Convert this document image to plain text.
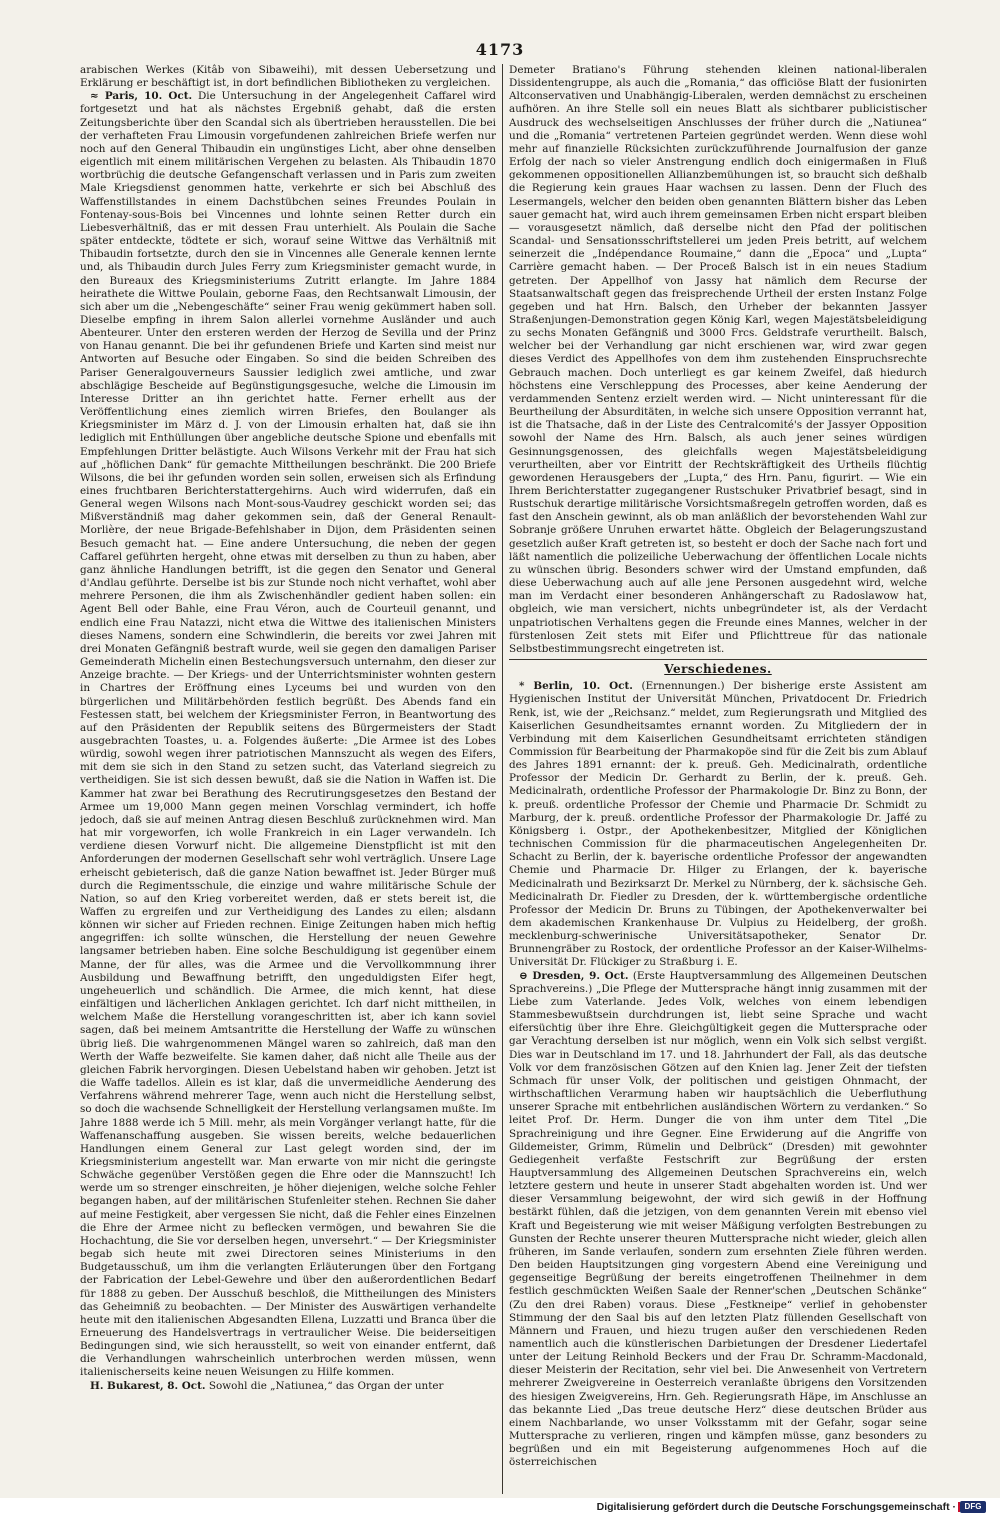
4173

arabischen Werkes (Kitâb von Sibaweihi), mit dessen Uebersetzung und Erklärung er beschäftigt ist, in dort befindlichen Bibliotheken zu vergleichen.

≈ Paris, 10. Oct. Die Untersuchung in der Angelegenheit Caffarel wird fortgesetzt und hat als nächstes Ergebniß gehabt, daß die ersten Zeitungsberichte über den Scandal sich als übertrieben herausstellen. Die bei der verhafteten Frau Limousin vorgefundenen zahlreichen Briefe werfen nur noch auf den General Thibaudin ein ungünstiges Licht, aber ohne denselben eigentlich mit einem militärischen Vergehen zu belasten. Als Thibaudin 1870 wortbrüchig die deutsche Gefangenschaft verlassen und in Paris zum zweiten Male Kriegsdienst genommen hatte, verkehrte er sich bei Abschluß des Waffenstillstandes in einem Dachstübchen seines Freundes Poulain in Fontenay-sous-Bois bei Vincennes und lohnte seinen Retter durch ein Liebesverhältniß, das er mit dessen Frau unterhielt. Als Poulain die Sache später entdeckte, tödtete er sich, worauf seine Wittwe das Verhältniß mit Thibaudin fortsetzte, durch den sie in Vincennes alle Generale kennen lernte und, als Thibaudin durch Jules Ferry zum Kriegsminister gemacht wurde, in den Bureaux des Kriegsministeriums Zutritt erlangte. Im Jahre 1884 heirathete die Wittwe Poulain, geborne Faas, den Rechtsanwalt Limousin, der sich aber um die „Nebengeschäfte“ seiner Frau wenig gekümmert haben soll. Dieselbe empfing in ihrem Salon allerlei vornehme Ausländer und auch Abenteurer. Unter den ersteren werden der Herzog de Sevilla und der Prinz von Hanau genannt. Die bei ihr gefundenen Briefe und Karten sind meist nur Antworten auf Besuche oder Eingaben. So sind die beiden Schreiben des Pariser Generalgouverneurs Saussier lediglich zwei amtliche, und zwar abschlägige Bescheide auf Begünstigungsgesuche, welche die Limousin im Interesse Dritter an ihn gerichtet hatte. Ferner erhellt aus der Veröffentlichung eines ziemlich wirren Briefes, den Boulanger als Kriegsminister im März d. J. von der Limousin erhalten hat, daß sie ihn lediglich mit Enthüllungen über angebliche deutsche Spione und ebenfalls mit Empfehlungen Dritter belästigte. Auch Wilsons Verkehr mit der Frau hat sich auf „höflichen Dank“ für gemachte Mittheilungen beschränkt. Die 200 Briefe Wilsons, die bei ihr gefunden worden sein sollen, erweisen sich als Erfindung eines fruchtbaren Berichterstattergehirns. Auch wird widerrufen, daß ein General wegen Wilsons nach Mont-sous-Vaudrey geschickt worden sei; das Mißverständniß mag daher gekommen sein, daß der General Renault-Morlière, der neue Brigade-Befehlshaber in Dijon, dem Präsidenten seinen Besuch gemacht hat. — Eine andere Untersuchung, die neben der gegen Caffarel geführten hergeht, ohne etwas mit derselben zu thun zu haben, aber ganz ähnliche Handlungen betrifft, ist die gegen den Senator und General d'Andlau geführte. Derselbe ist bis zur Stunde noch nicht verhaftet, wohl aber mehrere Personen, die ihm als Zwischenhändler gedient haben sollen: ein Agent Bell oder Bahle, eine Frau Véron, auch de Courteuil genannt, und endlich eine Frau Natazzi, nicht etwa die Wittwe des italienischen Ministers dieses Namens, sondern eine Schwindlerin, die bereits vor zwei Jahren mit drei Monaten Gefängniß bestraft wurde, weil sie gegen den damaligen Pariser Gemeinderath Michelin einen Bestechungsversuch unternahm, den dieser zur Anzeige brachte. — Der Kriegs- und der Unterrichtsminister wohnten gestern in Chartres der Eröffnung eines Lyceums bei und wurden von den bürgerlichen und Militärbehörden festlich begrüßt. Des Abends fand ein Festessen statt, bei welchem der Kriegsminister Ferron, in Beantwortung des auf den Präsidenten der Republik seitens des Bürgermeisters der Stadt ausgebrachten Toastes, u. a. Folgendes äußerte: „Die Armee ist des Lobes würdig, sowohl wegen ihrer patriotischen Mannszucht als wegen des Eifers, mit dem sie sich in den Stand zu setzen sucht, das Vaterland siegreich zu vertheidigen. Sie ist sich dessen bewußt, daß sie die Nation in Waffen ist. Die Kammer hat zwar bei Berathung des Recrutirungsgesetzes den Bestand der Armee um 19,000 Mann gegen meinen Vorschlag vermindert, ich hoffe jedoch, daß sie auf meinen Antrag diesen Beschluß zurücknehmen wird. Man hat mir vorgeworfen, ich wolle Frankreich in ein Lager verwandeln. Ich verdiene diesen Vorwurf nicht. Die allgemeine Dienstpflicht ist mit den Anforderungen der modernen Gesellschaft sehr wohl verträglich. Unsere Lage erheischt gebieterisch, daß die ganze Nation bewaffnet ist. Jeder Bürger muß durch die Regimentsschule, die einzige und wahre militärische Schule der Nation, so auf den Krieg vorbereitet werden, daß er stets bereit ist, die Waffen zu ergreifen und zur Vertheidigung des Landes zu eilen; alsdann können wir sicher auf Frieden rechnen. Einige Zeitungen haben mich heftig angegriffen: ich sollte wünschen, die Herstellung der neuen Gewehre langsamer betrieben haben. Eine solche Beschuldigung ist gegenüber einem Manne, der für alles, was die Armee und die Vervollkommnung ihrer Ausbildung und Bewaffnung betrifft, den ungeduldigsten Eifer hegt, ungeheuerlich und schändlich. Die Armee, die mich kennt, hat diese einfältigen und lächerlichen Anklagen gerichtet. Ich darf nicht mittheilen, in welchem Maße die Herstellung vorangeschritten ist, aber ich kann soviel sagen, daß bei meinem Amtsantritte die Herstellung der Waffe zu wünschen übrig ließ. Die wahrgenommenen Mängel waren so zahlreich, daß man den Werth der Waffe bezweifelte. Sie kamen daher, daß nicht alle Theile aus der gleichen Fabrik hervorgingen. Diesen Uebelstand haben wir gehoben. Jetzt ist die Waffe tadellos. Allein es ist klar, daß die unvermeidliche Aenderung des Verfahrens während mehrerer Tage, wenn auch nicht die Herstellung selbst, so doch die wachsende Schnelligkeit der Herstellung verlangsamen mußte. Im Jahre 1888 werde ich 5 Mill. mehr, als mein Vorgänger verlangt hatte, für die Waffenanschaffung ausgeben. Sie wissen bereits, welche bedauerlichen Handlungen einem General zur Last gelegt worden sind, der im Kriegsministerium angestellt war. Man erwarte von mir nicht die geringste Schwäche gegenüber Verstößen gegen die Ehre oder die Mannszucht! Ich werde um so strenger einschreiten, je höher diejenigen, welche solche Fehler begangen haben, auf der militärischen Stufenleiter stehen. Rechnen Sie daher auf meine Festigkeit, aber vergessen Sie nicht, daß die Fehler eines Einzelnen die Ehre der Armee nicht zu beflecken vermögen, und bewahren Sie die Hochachtung, die Sie vor derselben hegen, unversehrt.“ — Der Kriegsminister begab sich heute mit zwei Directoren seines Ministeriums in den Budgetausschuß, um ihm die verlangten Erläuterungen über den Fortgang der Fabrication der Lebel-Gewehre und über den außerordentlichen Bedarf für 1888 zu geben. Der Ausschuß beschloß, die Mittheilungen des Ministers das Geheimniß zu beobachten. — Der Minister des Auswärtigen verhandelte heute mit den italienischen Abgesandten Ellena, Luzzatti und Branca über die Erneuerung des Handelsvertrags in vertraulicher Weise. Die beiderseitigen Bedingungen sind, wie sich herausstellt, so weit von einander entfernt, daß die Verhandlungen wahrscheinlich unterbrochen werden müssen, wenn italienischerseits keine neuen Weisungen zu Hilfe kommen.

H. Bukarest, 8. Oct. Sowohl die „Natiunea,“ das Organ der unter

Demeter Bratiano's Führung stehenden kleinen national-liberalen Dissidentengruppe, als auch die „Romania,“ das officiöse Blatt der fusionirten Altconservativen und Unabhängig-Liberalen, werden demnächst zu erscheinen aufhören. An ihre Stelle soll ein neues Blatt als sichtbarer publicistischer Ausdruck des wechselseitigen Anschlusses der früher durch die „Natiunea“ und die „Romania“ vertretenen Parteien gegründet werden. Wenn diese wohl mehr auf finanzielle Rücksichten zurückzuführende Journalfusion der ganze Erfolg der nach so vieler Anstrengung endlich doch einigermaßen in Fluß gekommenen oppositionellen Allianzbemühungen ist, so braucht sich deßhalb die Regierung kein graues Haar wachsen zu lassen. Denn der Fluch des Lesermangels, welcher den beiden oben genannten Blättern bisher das Leben sauer gemacht hat, wird auch ihrem gemeinsamen Erben nicht erspart bleiben — vorausgesetzt nämlich, daß derselbe nicht den Pfad der politischen Scandal- und Sensationsschriftstellerei um jeden Preis betritt, auf welchem seinerzeit die „Indépendance Roumaine,“ dann die „Epoca“ und „Lupta“ Carrière gemacht haben. — Der Proceß Balsch ist in ein neues Stadium getreten. Der Appellhof von Jassy hat nämlich dem Recurse der Staatsanwaltschaft gegen das freisprechende Urtheil der ersten Instanz Folge gegeben und hat Hrn. Balsch, den Urheber der bekannten Jassyer Straßenjungen-Demonstration gegen König Karl, wegen Majestätsbeleidigung zu sechs Monaten Gefängniß und 3000 Frcs. Geldstrafe verurtheilt. Balsch, welcher bei der Verhandlung gar nicht erschienen war, wird zwar gegen dieses Verdict des Appellhofes von dem ihm zustehenden Einspruchsrechte Gebrauch machen. Doch unterliegt es gar keinem Zweifel, daß hiedurch höchstens eine Verschleppung des Processes, aber keine Aenderung der verdammenden Sentenz erzielt werden wird. — Nicht uninteressant für die Beurtheilung der Absurditäten, in welche sich unsere Opposition verrannt hat, ist die Thatsache, daß in der Liste des Centralcomité's der Jassyer Opposition sowohl der Name des Hrn. Balsch, als auch jener seines würdigen Gesinnungsgenossen, des gleichfalls wegen Majestätsbeleidigung verurtheilten, aber vor Eintritt der Rechtskräftigkeit des Urtheils flüchtig gewordenen Herausgebers der „Lupta,“ des Hrn. Panu, figurirt. — Wie ein Ihrem Berichterstatter zugegangener Rustschuker Privatbrief besagt, sind in Rustschuk derartige militärische Vorsichtsmaßregeln getroffen worden, daß es fast den Anschein gewinnt, als ob man anläßlich der bevorstehenden Wahl zur Sobranje größere Unruhen erwartet hätte. Obgleich der Belagerungszustand gesetzlich außer Kraft getreten ist, so besteht er doch der Sache nach fort und läßt namentlich die polizeiliche Ueberwachung der öffentlichen Locale nichts zu wünschen übrig. Besonders schwer wird der Umstand empfunden, daß diese Ueberwachung auch auf alle jene Personen ausgedehnt wird, welche man im Verdacht einer besonderen Anhängerschaft zu Radoslawow hat, obgleich, wie man versichert, nichts unbegründeter ist, als der Verdacht unpatriotischen Verhaltens gegen die Freunde eines Mannes, welcher in der fürstenlosen Zeit stets mit Eifer und Pflichttreue für das nationale Selbstbestimmungsrecht eingetreten ist.

Verschiedenes.

* Berlin, 10. Oct. (Ernennungen.) Der bisherige erste Assistent am Hygienischen Institut der Universität München, Privatdocent Dr. Friedrich Renk, ist, wie der „Reichsanz.“ meldet, zum Regierungsrath und Mitglied des Kaiserlichen Gesundheitsamtes ernannt worden. Zu Mitgliedern der in Verbindung mit dem Kaiserlichen Gesundheitsamt errichteten ständigen Commission für Bearbeitung der Pharmakopöe sind für die Zeit bis zum Ablauf des Jahres 1891 ernannt: der k. preuß. Geh. Medicinalrath, ordentliche Professor der Medicin Dr. Gerhardt zu Berlin, der k. preuß. Geh. Medicinalrath, ordentliche Professor der Pharmakologie Dr. Binz zu Bonn, der k. preuß. ordentliche Professor der Chemie und Pharmacie Dr. Schmidt zu Marburg, der k. preuß. ordentliche Professor der Pharmakologie Dr. Jaffé zu Königsberg i. Ostpr., der Apothekenbesitzer, Mitglied der Königlichen technischen Commission für die pharmaceutischen Angelegenheiten Dr. Schacht zu Berlin, der k. bayerische ordentliche Professor der angewandten Chemie und Pharmacie Dr. Hilger zu Erlangen, der k. bayerische Medicinalrath und Bezirksarzt Dr. Merkel zu Nürnberg, der k. sächsische Geh. Medicinalrath Dr. Fiedler zu Dresden, der k. württembergische ordentliche Professor der Medicin Dr. Bruns zu Tübingen, der Apothekenverwalter bei dem akademischen Krankenhause Dr. Vulpius zu Heidelberg, der großh. mecklenburg-schwerinische Universitätsapotheker, Senator Dr. Brunnengräber zu Rostock, der ordentliche Professor an der Kaiser-Wilhelms-Universität Dr. Flückiger zu Straßburg i. E.

⊖ Dresden, 9. Oct. (Erste Hauptversammlung des Allgemeinen Deutschen Sprachvereins.) „Die Pflege der Muttersprache hängt innig zusammen mit der Liebe zum Vaterlande. Jedes Volk, welches von einem lebendigen Stammesbewußtsein durchdrungen ist, liebt seine Sprache und wacht eifersüchtig über ihre Ehre. Gleichgültigkeit gegen die Muttersprache oder gar Verachtung derselben ist nur möglich, wenn ein Volk sich selbst vergißt. Dies war in Deutschland im 17. und 18. Jahrhundert der Fall, als das deutsche Volk vor dem französischen Götzen auf den Knien lag. Jener Zeit der tiefsten Schmach für unser Volk, der politischen und geistigen Ohnmacht, der wirthschaftlichen Verarmung haben wir hauptsächlich die Ueberfluthung unserer Sprache mit entbehrlichen ausländischen Wörtern zu verdanken.“ So leitet Prof. Dr. Herm. Dunger die von ihm unter dem Titel „Die Sprachreinigung und ihre Gegner. Eine Erwiderung auf die Angriffe von Gildemeister, Grimm, Rümelin und Delbrück“ (Dresden) mit gewohnter Gediegenheit verfaßte Festschrift zur Begrüßung der ersten Hauptversammlung des Allgemeinen Deutschen Sprachvereins ein, welch letztere gestern und heute in unserer Stadt abgehalten worden ist. Und wer dieser Versammlung beigewohnt, der wird sich gewiß in der Hoffnung bestärkt fühlen, daß die jetzigen, von dem genannten Verein mit ebenso viel Kraft und Begeisterung wie mit weiser Mäßigung verfolgten Bestrebungen zu Gunsten der Rechte unserer theuren Muttersprache nicht wieder, gleich allen früheren, im Sande verlaufen, sondern zum ersehnten Ziele führen werden. Den beiden Hauptsitzungen ging vorgestern Abend eine Vereinigung und gegenseitige Begrüßung der bereits eingetroffenen Theilnehmer in dem festlich geschmückten Weißen Saale der Renner'schen „Deutschen Schänke“ (Zu den drei Raben) voraus. Diese „Festkneipe“ verlief in gehobenster Stimmung der den Saal bis auf den letzten Platz füllenden Gesellschaft von Männern und Frauen, und hiezu trugen außer den verschiedenen Reden namentlich auch die künstlerischen Darbietungen der Dresdener Liedertafel unter der Leitung Reinhold Beckers und der Frau Dr. Schramm-Macdonald, dieser Meisterin der Recitation, sehr viel bei. Die Anwesenheit von Vertretern mehrerer Zweigvereine in Oesterreich veranlaßte übrigens den Vorsitzenden des hiesigen Zweigvereins, Hrn. Geh. Regierungsrath Häpe, im Anschlusse an das bekannte Lied „Das treue deutsche Herz“ diese deutschen Brüder aus einem Nachbarlande, wo unser Volksstamm mit der Gefahr, sogar seine Muttersprache zu verlieren, ringen und kämpfen müsse, ganz besonders zu begrüßen und ein mit Begeisterung aufgenommenes Hoch auf die österreichischen

Digitalisierung gefördert durch die Deutsche Forschungsgemeinschaft ·	DFG
